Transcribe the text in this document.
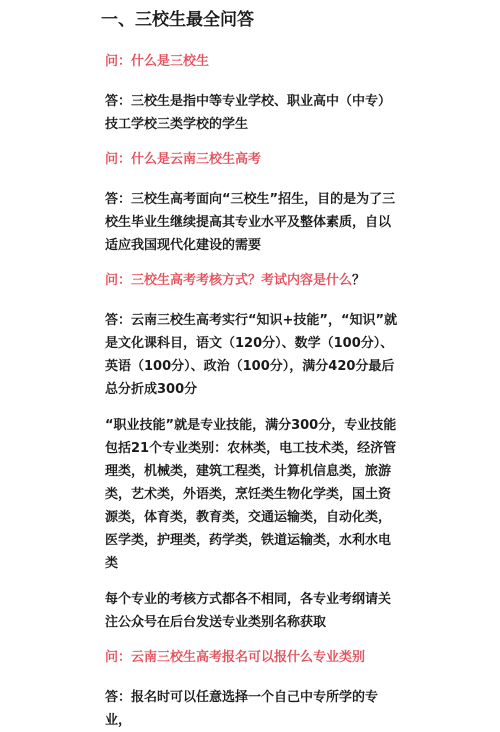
一、三校生最全问答
问：什么是三校生
答：三校生是指中等专业学校、职业高中（中专）技工学校三类学校的学生
问：什么是云南三校生高考
答：三校生高考面向“三校生”招生，目的是为了三校生毕业生继续提高其专业水平及整体素质，自以适应我国现代化建设的需要
问：三校生高考考核方式？考试内容是什么？
答：云南三校生高考实行“知识+技能”，“知识”就是文化课科目，语文（120分）、数学（100分）、英语（100分）、政治（100分），满分420分最后总分折成300分
“职业技能”就是专业技能，满分300分，专业技能包括21个专业类别：农林类，电工技术类，经济管理类，机械类，建筑工程类，计算机信息类，旅游类，艺术类，外语类，烹饪类生物化学类，国土资源类，体育类，教育类，交通运输类，自动化类，医学类，护理类，药学类，铁道运输类，水利水电类
每个专业的考核方式都各不相同，各专业考纲请关注公众号在后台发送专业类别名称获取
问：云南三校生高考报名可以报什么专业类别
答：报名时可以任意选择一个自己中专所学的专业，
